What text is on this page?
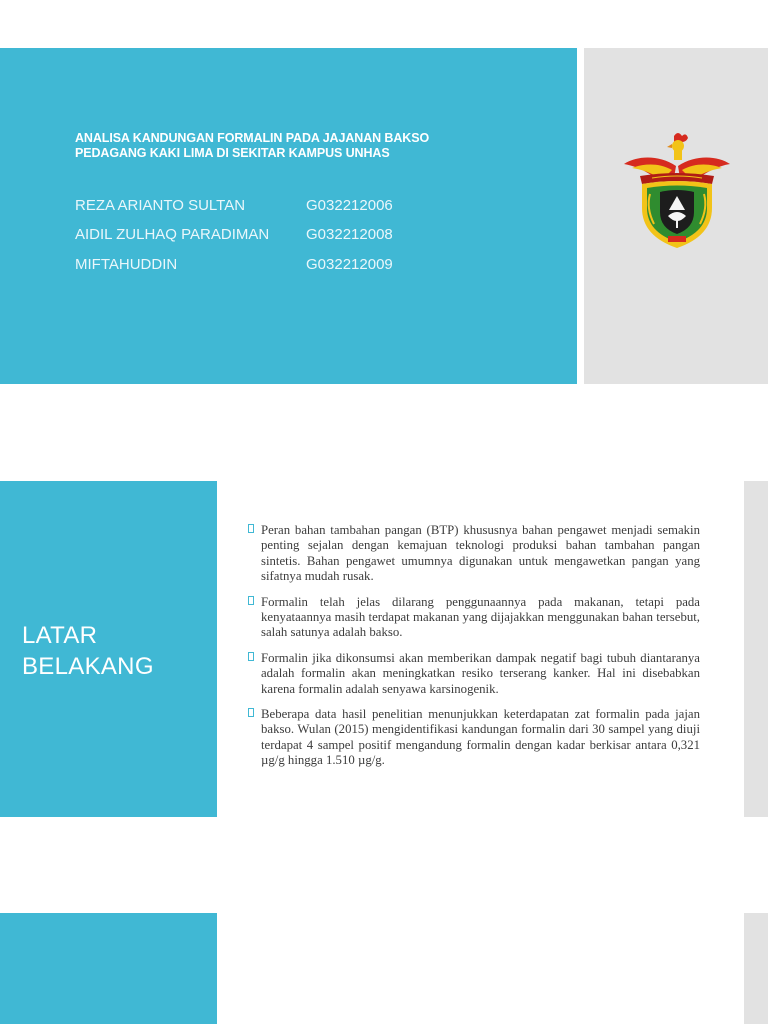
ANALISA KANDUNGAN FORMALIN PADA JAJANAN BAKSO
PEDAGANG KAKI LIMA DI SEKITAR KAMPUS UNHAS
REZA ARIANTO SULTAN	G032212006
AIDIL ZULHAQ PARADIMAN G032212008
MIFTAHUDDIN	G032212009
LATAR
BELAKANG
Peran bahan tambahan pangan (BTP) khususnya bahan pengawet menjadi semakin penting sejalan dengan kemajuan teknologi produksi bahan tambahan pangan sintetis. Bahan pengawet umumnya digunakan untuk mengawetkan pangan yang sifatnya mudah rusak.
Formalin telah jelas dilarang penggunaannya pada makanan, tetapi pada kenyataannya masih terdapat makanan yang dijajakkan menggunakan bahan tersebut, salah satunya adalah bakso.
Formalin jika dikonsumsi akan memberikan dampak negatif bagi tubuh diantaranya adalah formalin akan meningkatkan resiko terserang kanker. Hal ini disebabkan karena formalin adalah senyawa karsinogenik.
Beberapa data hasil penelitian menunjukkan keterdapatan zat formalin pada jajan bakso. Wulan (2015) mengidentifikasi kandungan formalin dari 30 sampel yang diuji terdapat 4 sampel positif mengandung formalin dengan kadar berkisar antara 0,321 µg/g hingga 1.510 µg/g.
